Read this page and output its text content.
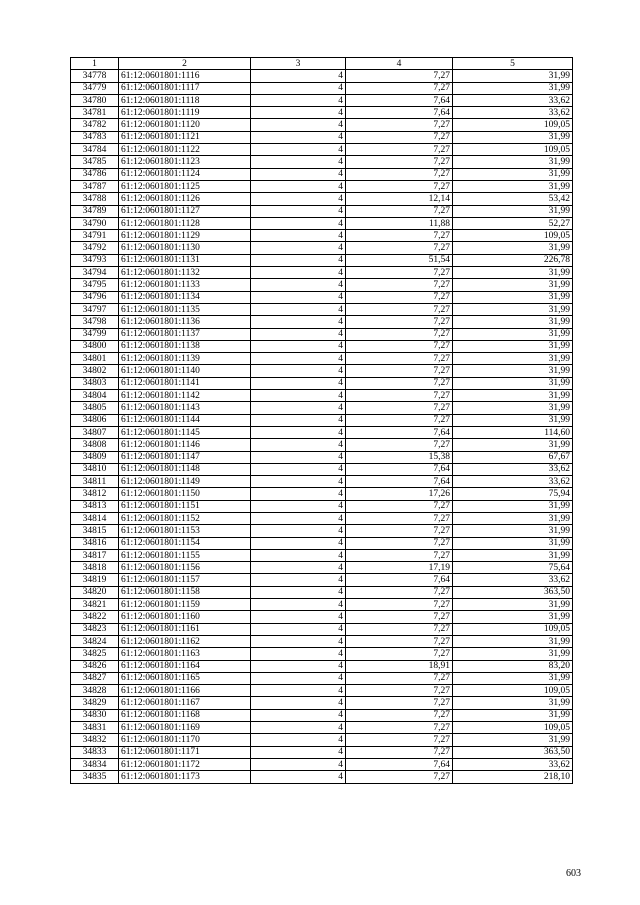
1	2	3	4	5
34778	61:12:0601801:1116	4	7,27	31,99
34779	61:12:0601801:1117	4	7,27	31,99
34780	61:12:0601801:1118	4	7,64	33,62
34781	61:12:0601801:1119	4	7,64	33,62
34782	61:12:0601801:1120	4	7,27	109,05
34783	61:12:0601801:1121	4	7,27	31,99
34784	61:12:0601801:1122	4	7,27	109,05
34785	61:12:0601801:1123	4	7,27	31,99
34786	61:12:0601801:1124	4	7,27	31,99
34787	61:12:0601801:1125	4	7,27	31,99
34788	61:12:0601801:1126	4	12,14	53,42
34789	61:12:0601801:1127	4	7,27	31,99
34790	61:12:0601801:1128	4	11,88	52,27
34791	61:12:0601801:1129	4	7,27	109,05
34792	61:12:0601801:1130	4	7,27	31,99
34793	61:12:0601801:1131	4	51,54	226,78
34794	61:12:0601801:1132	4	7,27	31,99
34795	61:12:0601801:1133	4	7,27	31,99
34796	61:12:0601801:1134	4	7,27	31,99
34797	61:12:0601801:1135	4	7,27	31,99
34798	61:12:0601801:1136	4	7,27	31,99
34799	61:12:0601801:1137	4	7,27	31,99
34800	61:12:0601801:1138	4	7,27	31,99
34801	61:12:0601801:1139	4	7,27	31,99
34802	61:12:0601801:1140	4	7,27	31,99
34803	61:12:0601801:1141	4	7,27	31,99
34804	61:12:0601801:1142	4	7,27	31,99
34805	61:12:0601801:1143	4	7,27	31,99
34806	61:12:0601801:1144	4	7,27	31,99
34807	61:12:0601801:1145	4	7,64	114,60
34808	61:12:0601801:1146	4	7,27	31,99
34809	61:12:0601801:1147	4	15,38	67,67
34810	61:12:0601801:1148	4	7,64	33,62
34811	61:12:0601801:1149	4	7,64	33,62
34812	61:12:0601801:1150	4	17,26	75,94
34813	61:12:0601801:1151	4	7,27	31,99
34814	61:12:0601801:1152	4	7,27	31,99
34815	61:12:0601801:1153	4	7,27	31,99
34816	61:12:0601801:1154	4	7,27	31,99
34817	61:12:0601801:1155	4	7,27	31,99
34818	61:12:0601801:1156	4	17,19	75,64
34819	61:12:0601801:1157	4	7,64	33,62
34820	61:12:0601801:1158	4	7,27	363,50
34821	61:12:0601801:1159	4	7,27	31,99
34822	61:12:0601801:1160	4	7,27	31,99
34823	61:12:0601801:1161	4	7,27	109,05
34824	61:12:0601801:1162	4	7,27	31,99
34825	61:12:0601801:1163	4	7,27	31,99
34826	61:12:0601801:1164	4	18,91	83,20
34827	61:12:0601801:1165	4	7,27	31,99
34828	61:12:0601801:1166	4	7,27	109,05
34829	61:12:0601801:1167	4	7,27	31,99
34830	61:12:0601801:1168	4	7,27	31,99
34831	61:12:0601801:1169	4	7,27	109,05
34832	61:12:0601801:1170	4	7,27	31,99
34833	61:12:0601801:1171	4	7,27	363,50
34834	61:12:0601801:1172	4	7,64	33,62
34835	61:12:0601801:1173	4	7,27	218,10
603
